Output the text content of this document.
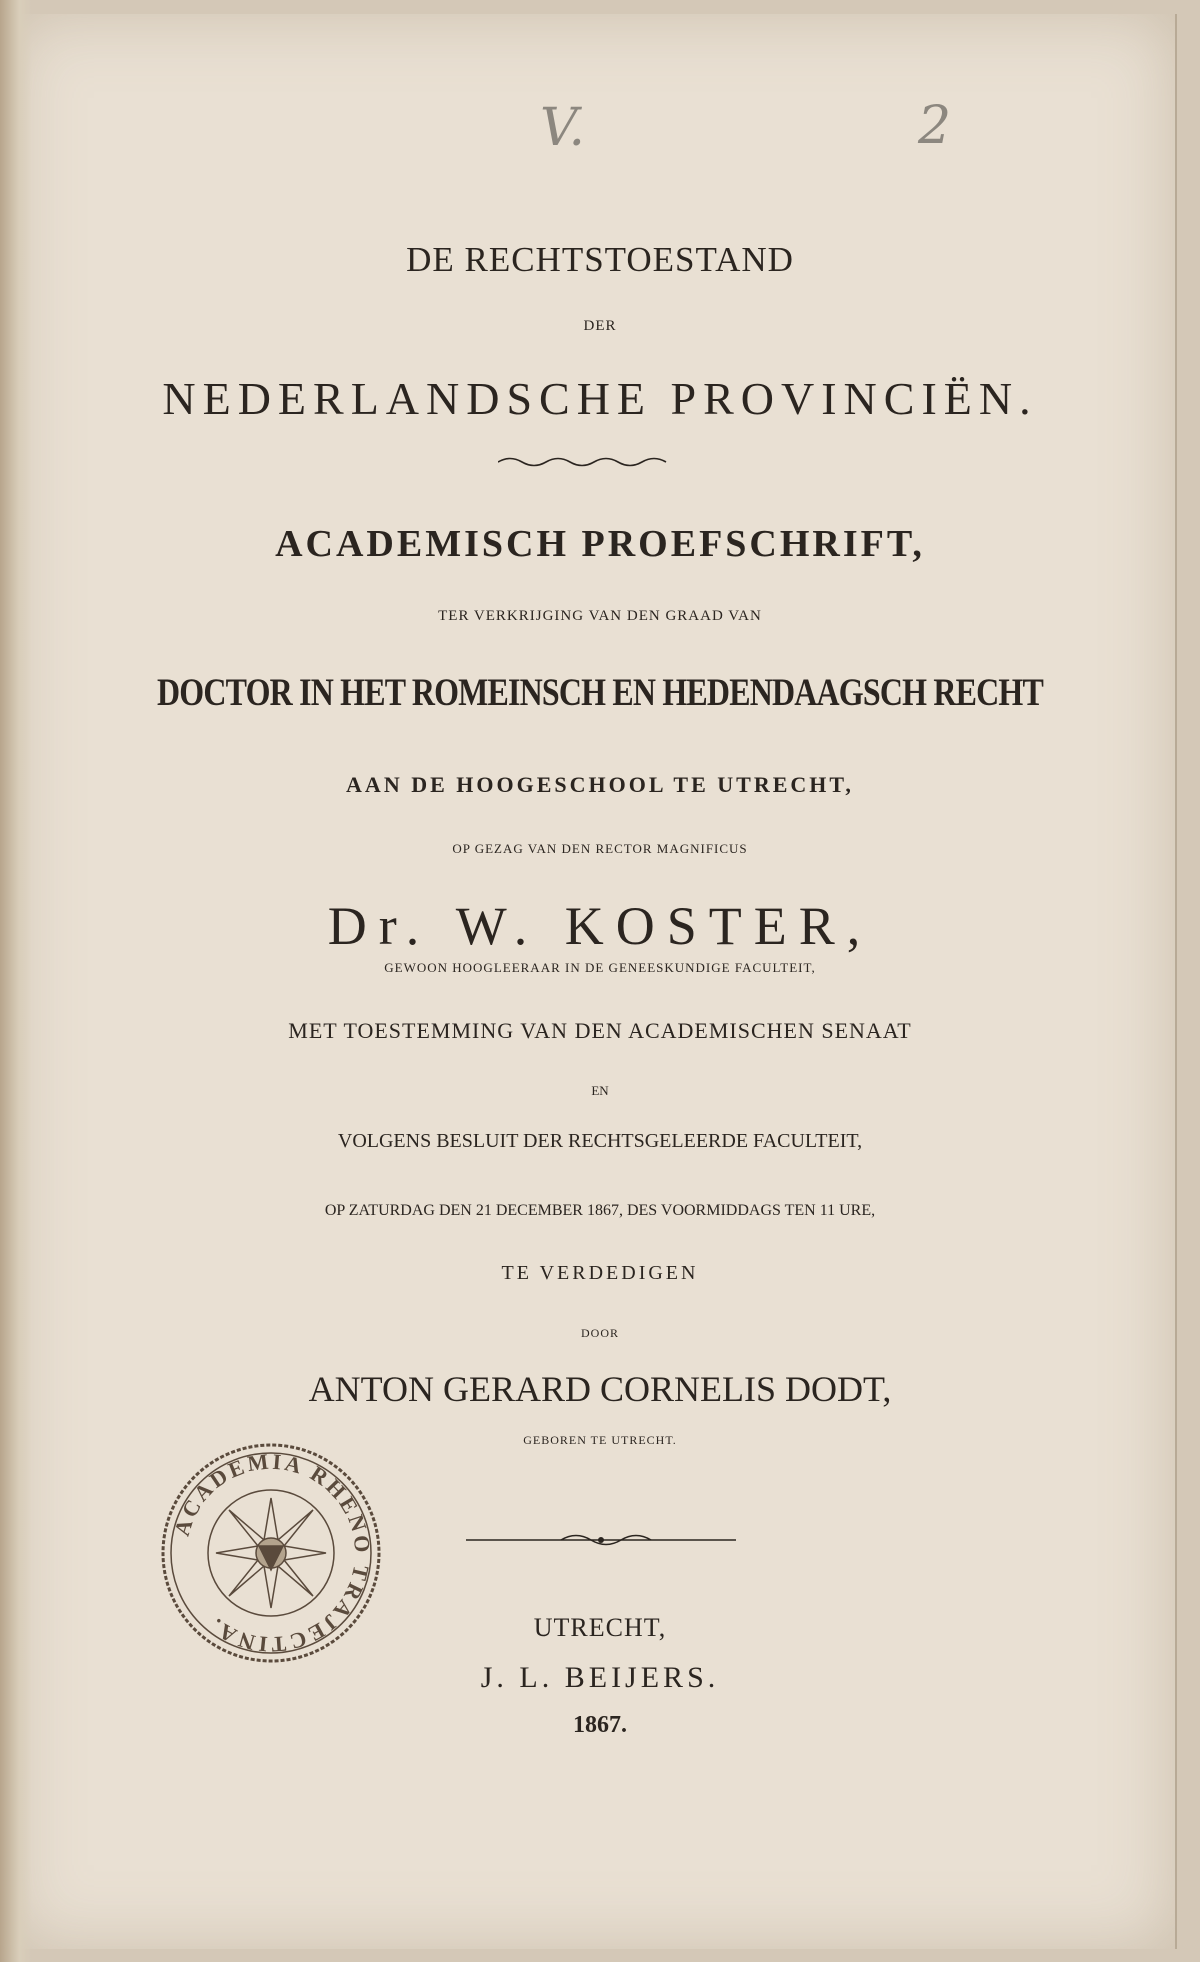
V.	2
DE RECHTSTOESTAND
DER
NEDERLANDSCHE PROVINCIËN.
ACADEMISCH PROEFSCHRIFT,
TER VERKRIJGING VAN DEN GRAAD VAN
DOCTOR IN HET ROMEINSCH EN HEDENDAAGSCH RECHT
AAN DE HOOGESCHOOL TE UTRECHT,
OP GEZAG VAN DEN RECTOR MAGNIFICUS
Dr. W. KOSTER,
GEWOON HOOGLEERAAR IN DE GENEESKUNDIGE FACULTEIT,
MET TOESTEMMING VAN DEN ACADEMISCHEN SENAAT
EN
VOLGENS BESLUIT DER RECHTSGELEERDE FACULTEIT,
OP ZATURDAG DEN 21 DECEMBER 1867, DES VOORMIDDAGS TEN 11 URE,
TE VERDEDIGEN
DOOR
ANTON GERARD CORNELIS DODT,
GEBOREN TE UTRECHT.
ACADEMIA RHENO TRAJECTINA.	UTRECHT,
J. L. BEIJERS.
1867.
